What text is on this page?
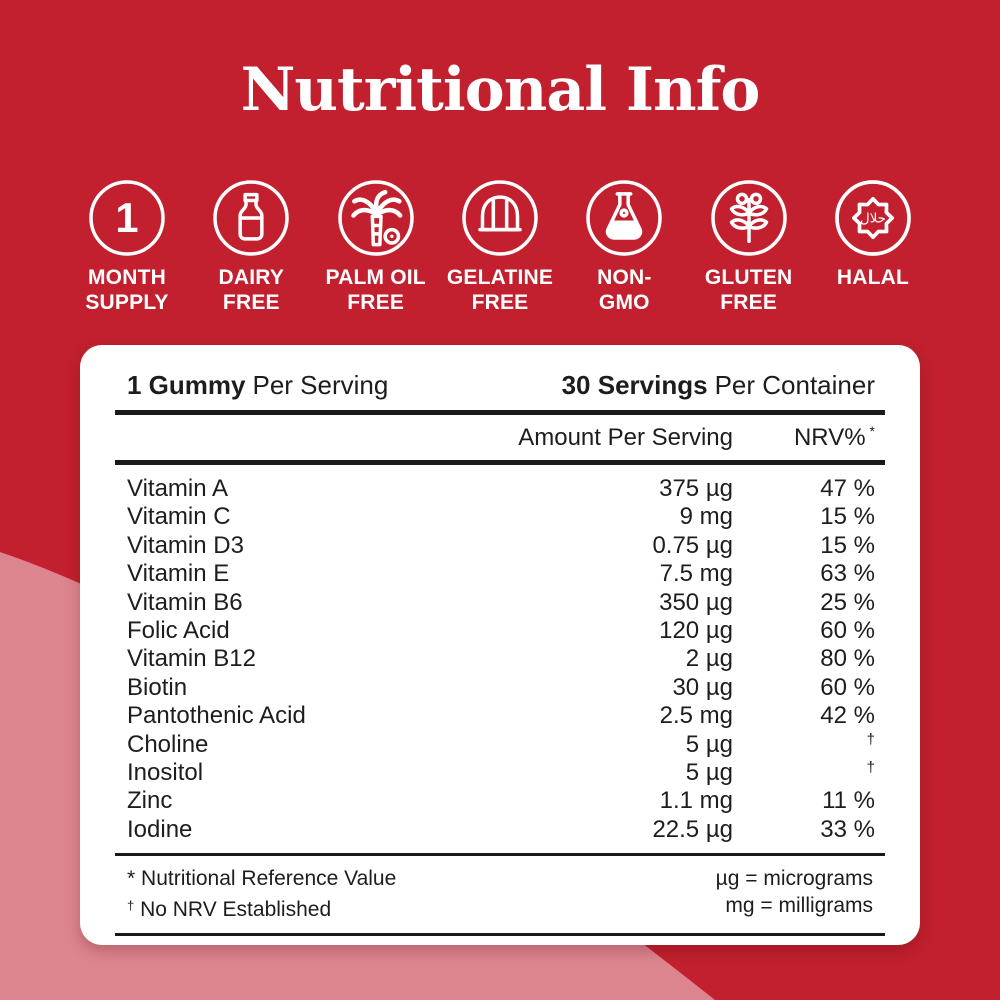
Nutritional Info
1
MONTH
SUPPLY
DAIRY
FREE
PALM OIL
FREE
GELATINE
FREE
NON-
GMO
GLUTEN
FREE
حلال
HALAL
1 Gummy Per Serving	30 Servings Per Container
Amount Per Serving	NRV% *
Vitamin A	375 µg	47 %
Vitamin C	9 mg	15 %
Vitamin D3	0.75 µg	15 %
Vitamin E	7.5 mg	63 %
Vitamin B6	350 µg	25 %
Folic Acid	120 µg	60 %
Vitamin B12	2 µg	80 %
Biotin	30 µg	60 %
Pantothenic Acid	2.5 mg	42 %
Choline	5 µg	†
Inositol	5 µg	†
Zinc	1.1 mg	11 %
Iodine	22.5 µg	33 %
* Nutritional Reference Value
† No NRV Established
µg = micrograms
mg = milligrams
